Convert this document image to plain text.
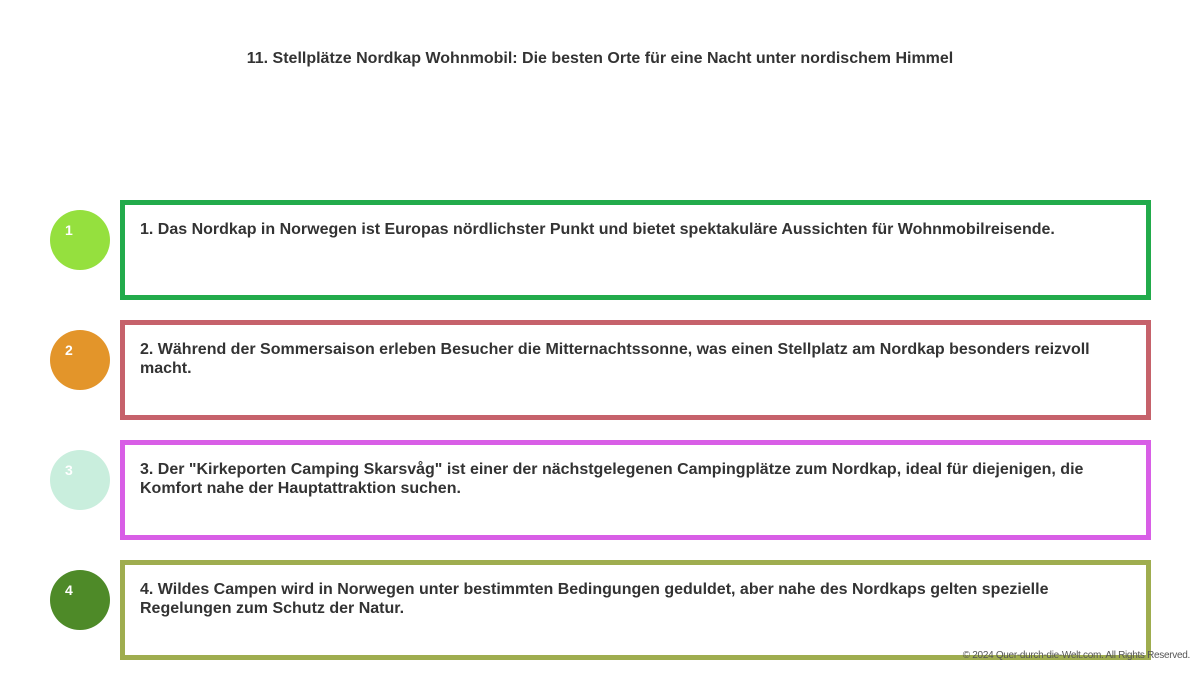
11. Stellplätze Nordkap Wohnmobil: Die besten Orte für eine Nacht unter nordischem Himmel
1	1. Das Nordkap in Norwegen ist Europas nördlichster Punkt und bietet spektakuläre Aussichten für Wohnmobilreisende.
2	2. Während der Sommersaison erleben Besucher die Mitternachtssonne, was einen Stellplatz am Nordkap besonders reizvoll macht.
3	3. Der "Kirkeporten Camping Skarsvåg" ist einer der nächstgelegenen Campingplätze zum Nordkap, ideal für diejenigen, die Komfort nahe der Hauptattraktion suchen.
4	4. Wildes Campen wird in Norwegen unter bestimmten Bedingungen geduldet, aber nahe des Nordkaps gelten spezielle Regelungen zum Schutz der Natur.
© 2024 Quer-durch-die-Welt.com. All Rights Reserved.
